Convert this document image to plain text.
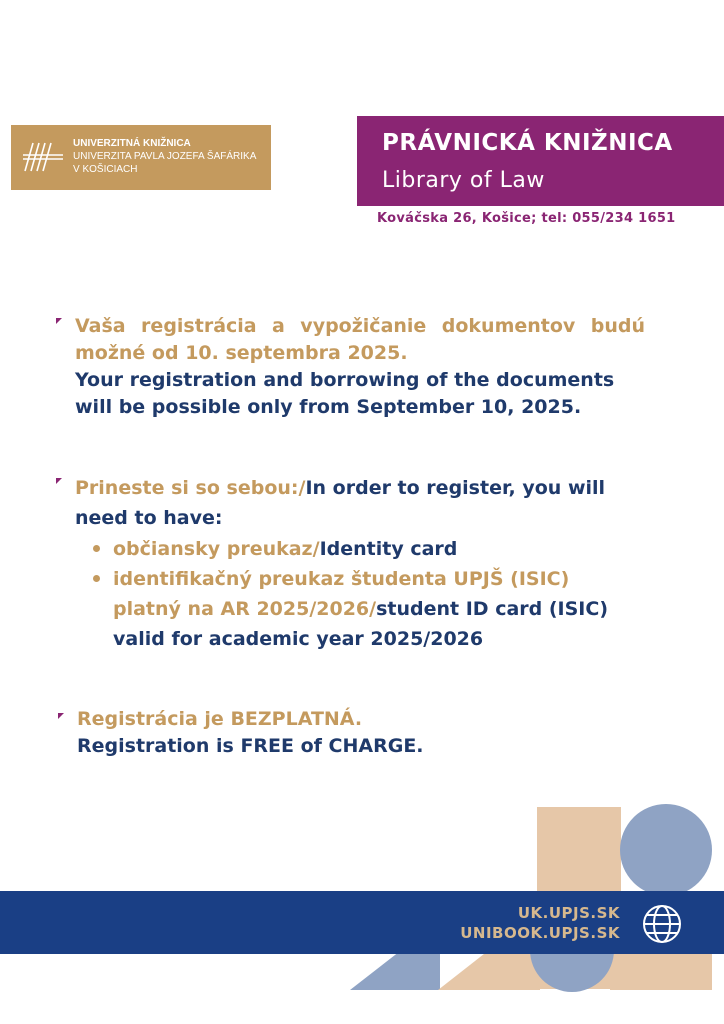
UNIVERZITNÁ KNIŽNICA
UNIVERZITA PAVLA JOZEFA ŠAFÁRIKA
V KOŠICIACH
PRÁVNICKÁ KNIŽNICA
Library of Law
Kováčska 26, Košice; tel: 055/234 1651
Vaša registrácia a vypožičanie dokumentov budú
možné od 10. septembra 2025.
Your registration and borrowing of the documents
will be possible only from September 10, 2025.
Prineste si so sebou:/In order to register, you will
need to have:
občiansky preukaz/Identity card
identifikačný preukaz študenta UPJŠ (ISIC)
platný na AR 2025/2026/student ID card (ISIC)
valid for academic year 2025/2026
Registrácia je BEZPLATNÁ.
Registration is FREE of CHARGE.
UK.UPJS.SK
UNIBOOK.UPJS.SK
